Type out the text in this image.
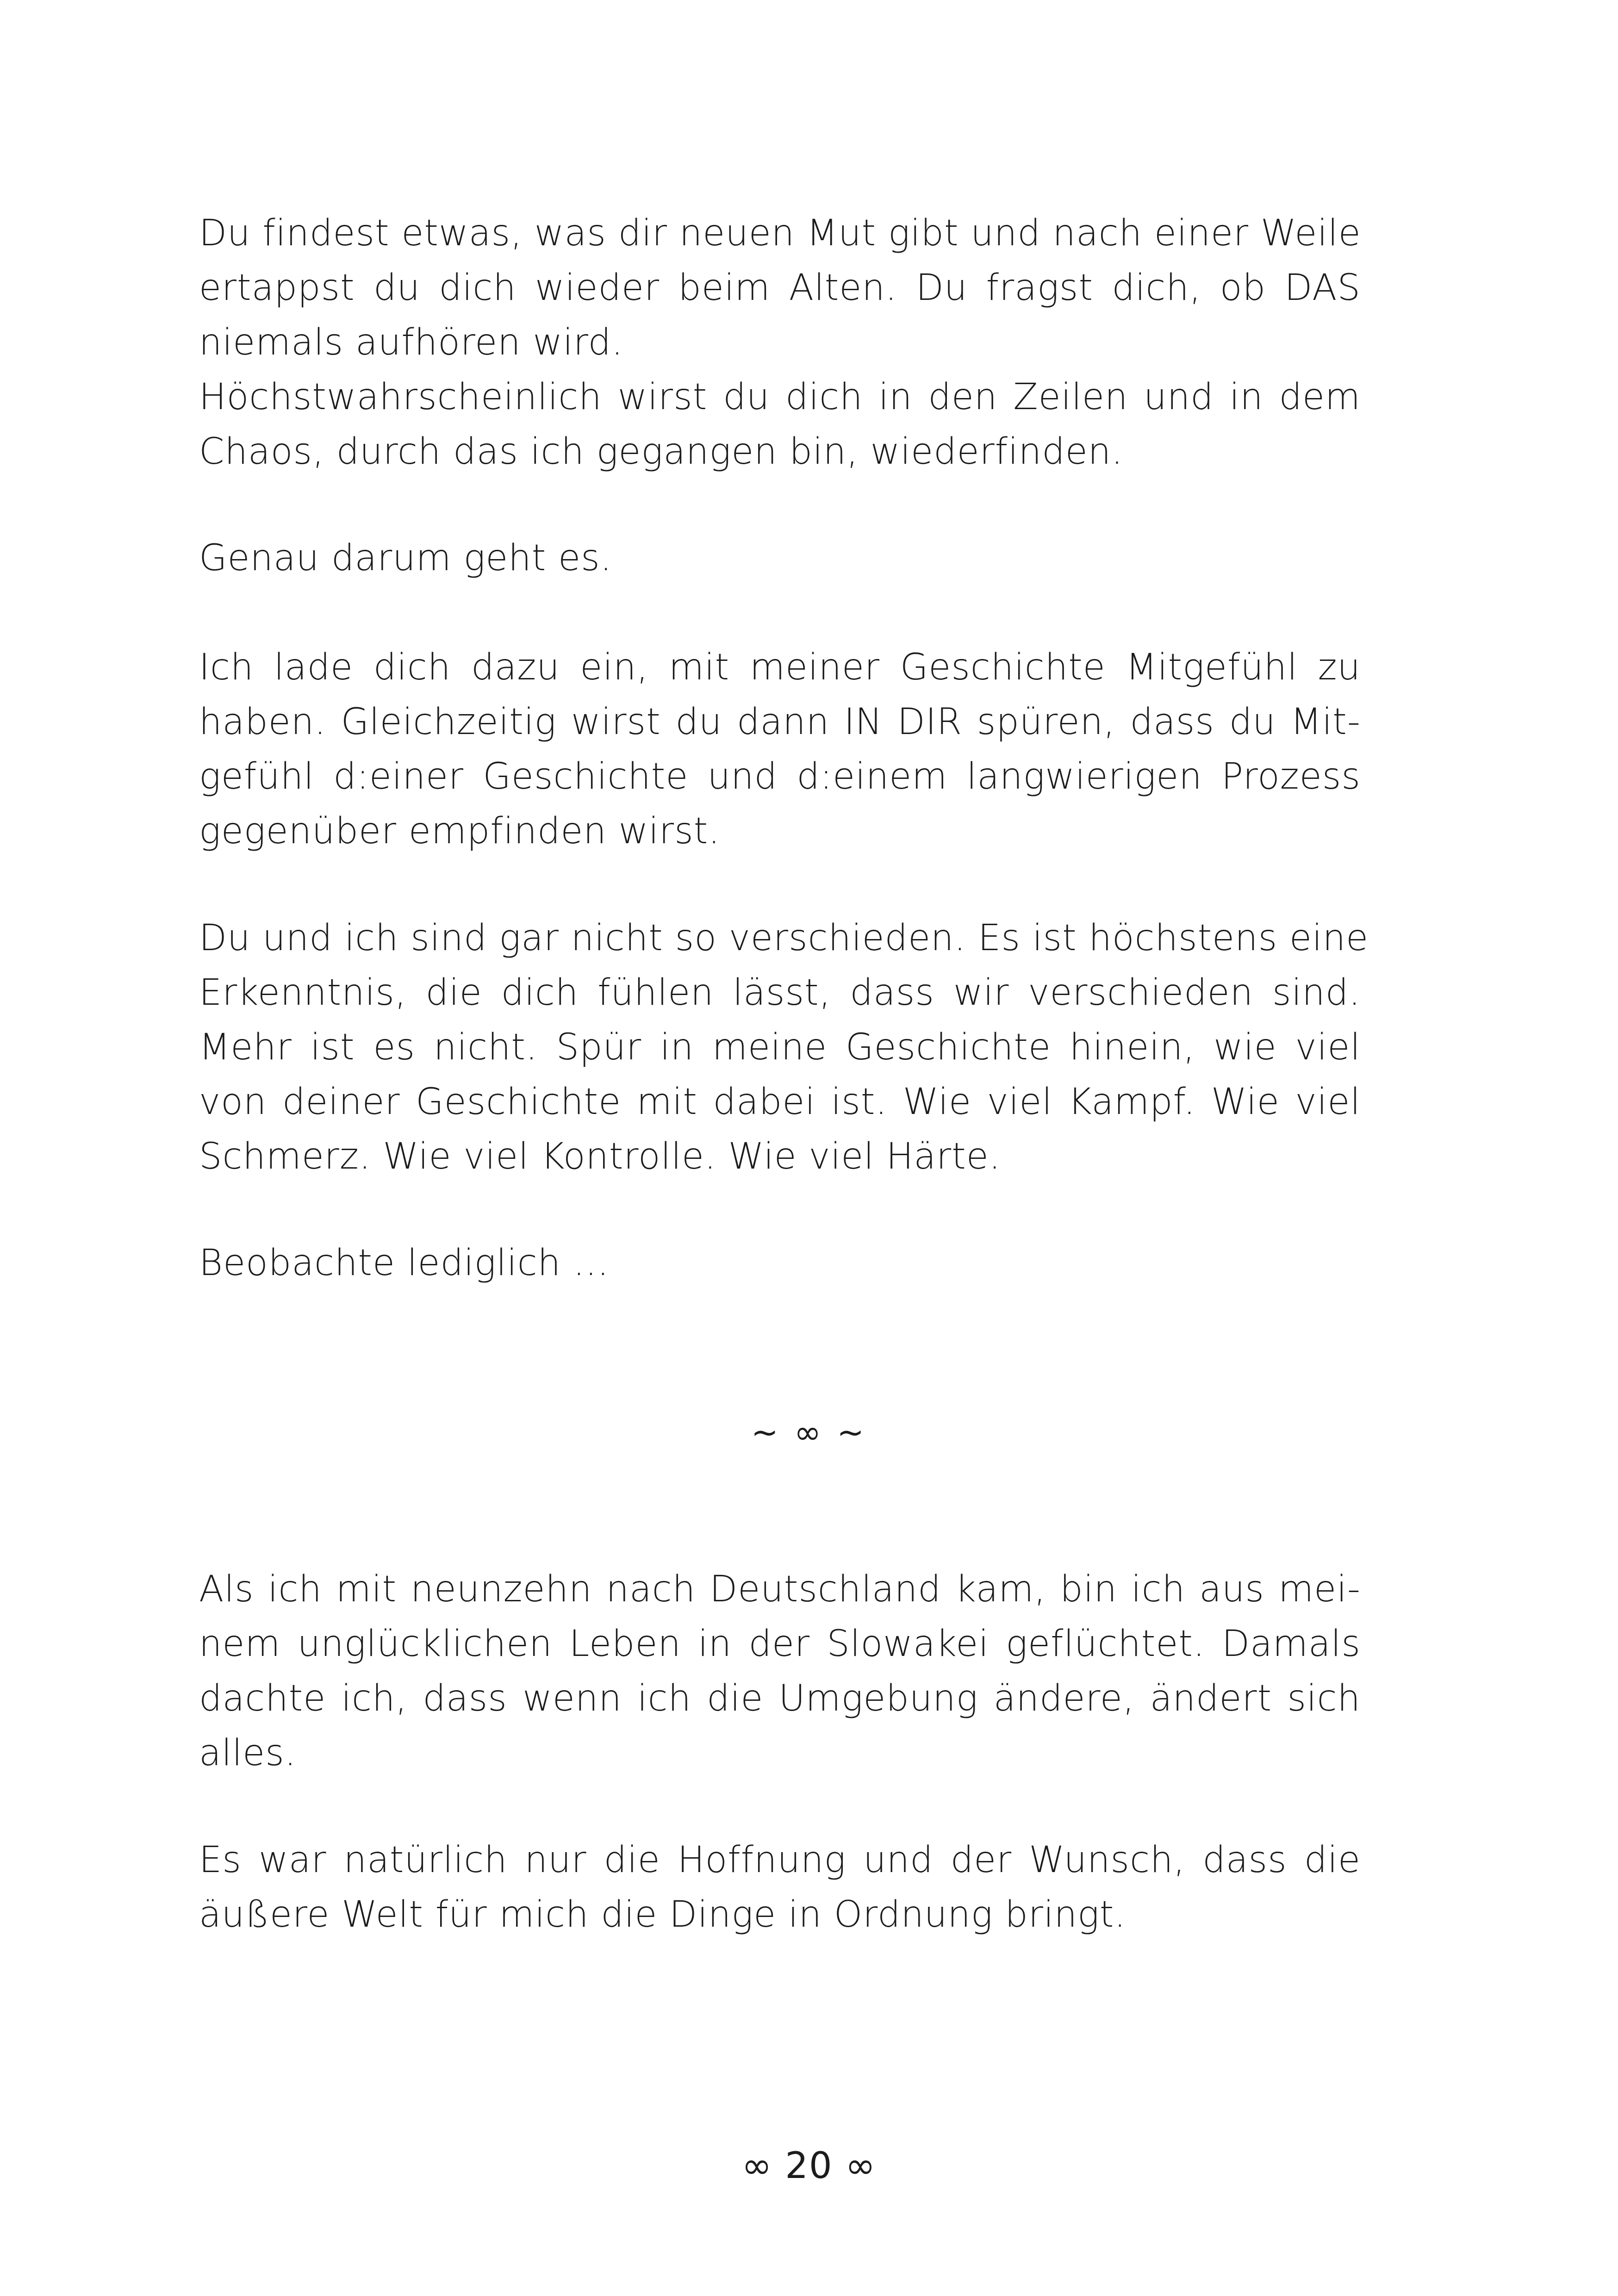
Du findest etwas, was dir neuen Mut gibt und nach einer Weile
ertappst du dich wieder beim Alten. Du fragst dich, ob DAS
niemals aufhören wird.
Höchstwahrscheinlich wirst du dich in den Zeilen und in dem
Chaos, durch das ich gegangen bin, wiederfinden.
Genau darum geht es.
Ich lade dich dazu ein, mit meiner Geschichte Mitgefühl zu
haben. Gleichzeitig wirst du dann IN DIR spüren, dass du Mit-
gefühl d:einer Geschichte und d:einem langwierigen Prozess
gegenüber empfinden wirst.
Du und ich sind gar nicht so verschieden. Es ist höchstens eine
Erkenntnis, die dich fühlen lässt, dass wir verschieden sind.
Mehr ist es nicht. Spür in meine Geschichte hinein, wie viel
von deiner Geschichte mit dabei ist. Wie viel Kampf. Wie viel
Schmerz. Wie viel Kontrolle. Wie viel Härte.
Beobachte lediglich …
~ ∞ ~
Als ich mit neunzehn nach Deutschland kam, bin ich aus mei-
nem unglücklichen Leben in der Slowakei geflüchtet. Damals
dachte ich, dass wenn ich die Umgebung ändere, ändert sich
alles.
Es war natürlich nur die Hoffnung und der Wunsch, dass die
äußere Welt für mich die Dinge in Ordnung bringt.
∞ 20 ∞
